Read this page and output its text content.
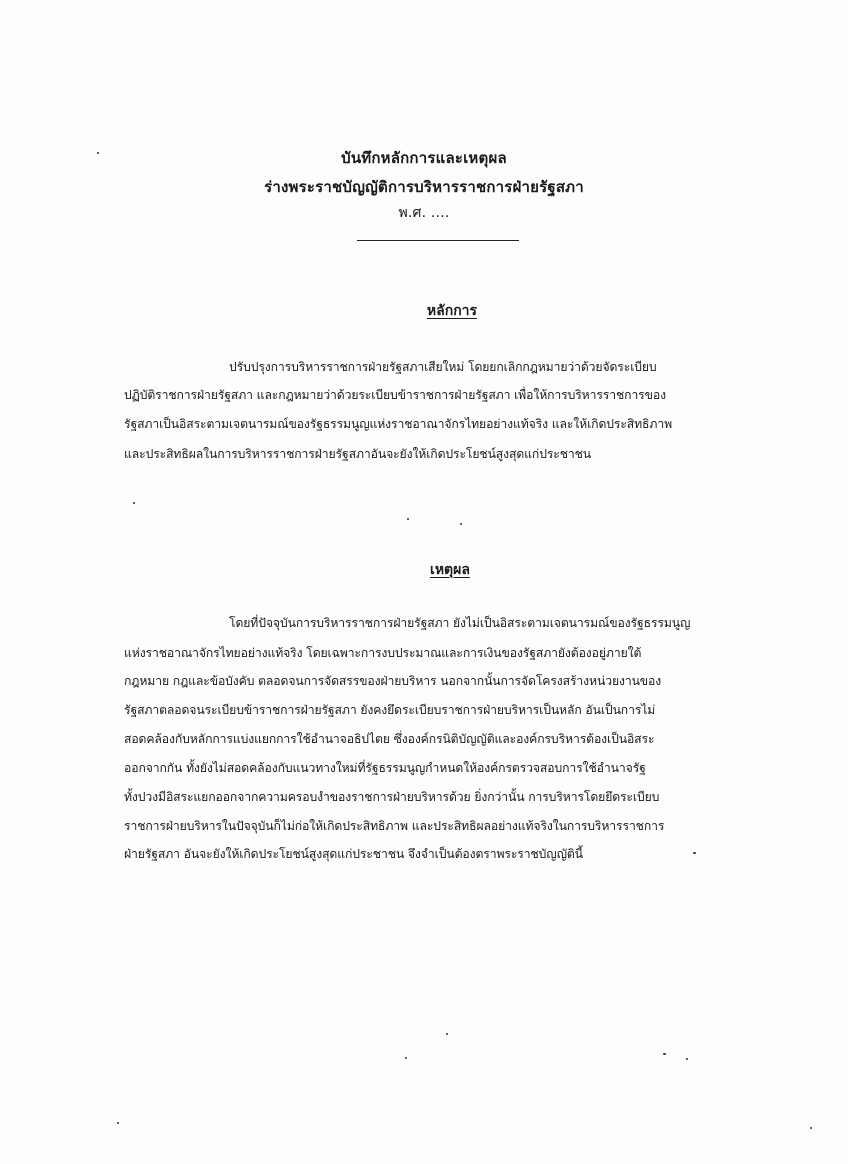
บันทึกหลักการและเหตุผล
ร่างพระราชบัญญัติการบริหารราชการฝ่ายรัฐสภา
พ.ศ. ....
หลักการ
ปรับปรุงการบริหารราชการฝ่ายรัฐสภาเสียใหม่ โดยยกเลิกกฎหมายว่าด้วยจัดระเบียบ
ปฏิบัติราชการฝ่ายรัฐสภา และกฎหมายว่าด้วยระเบียบข้าราชการฝ่ายรัฐสภา เพื่อให้การบริหารราชการของ
รัฐสภาเป็นอิสระตามเจตนารมณ์ของรัฐธรรมนูญแห่งราชอาณาจักรไทยอย่างแท้จริง และให้เกิดประสิทธิภาพ
และประสิทธิผลในการบริหารราชการฝ่ายรัฐสภาอันจะยังให้เกิดประโยชน์สูงสุดแก่ประชาชน
เหตุผล
โดยที่ปัจจุบันการบริหารราชการฝ่ายรัฐสภา ยังไม่เป็นอิสระตามเจตนารมณ์ของรัฐธรรมนูญ
แห่งราชอาณาจักรไทยอย่างแท้จริง โดยเฉพาะการงบประมาณและการเงินของรัฐสภายังต้องอยู่ภายใต้
กฎหมาย กฎและข้อบังคับ ตลอดจนการจัดสรรของฝ่ายบริหาร นอกจากนั้นการจัดโครงสร้างหน่วยงานของ
รัฐสภาตลอดจนระเบียบข้าราชการฝ่ายรัฐสภา ยังคงยึดระเบียบราชการฝ่ายบริหารเป็นหลัก อันเป็นการไม่
สอดคล้องกับหลักการแบ่งแยกการใช้อำนาจอธิปไตย ซึ่งองค์กรนิติบัญญัติและองค์กรบริหารต้องเป็นอิสระ
ออกจากกัน ทั้งยังไม่สอดคล้องกับแนวทางใหม่ที่รัฐธรรมนูญกำหนดให้องค์กรตรวจสอบการใช้อำนาจรัฐ
ทั้งปวงมีอิสระแยกออกจากความครอบงำของราชการฝ่ายบริหารด้วย ยิ่งกว่านั้น การบริหารโดยยึดระเบียบ
ราชการฝ่ายบริหารในปัจจุบันก็ไม่ก่อให้เกิดประสิทธิภาพ และประสิทธิผลอย่างแท้จริงในการบริหารราชการ
ฝ่ายรัฐสภา อันจะยังให้เกิดประโยชน์สูงสุดแก่ประชาชน จึงจำเป็นต้องตราพระราชบัญญัตินี้
